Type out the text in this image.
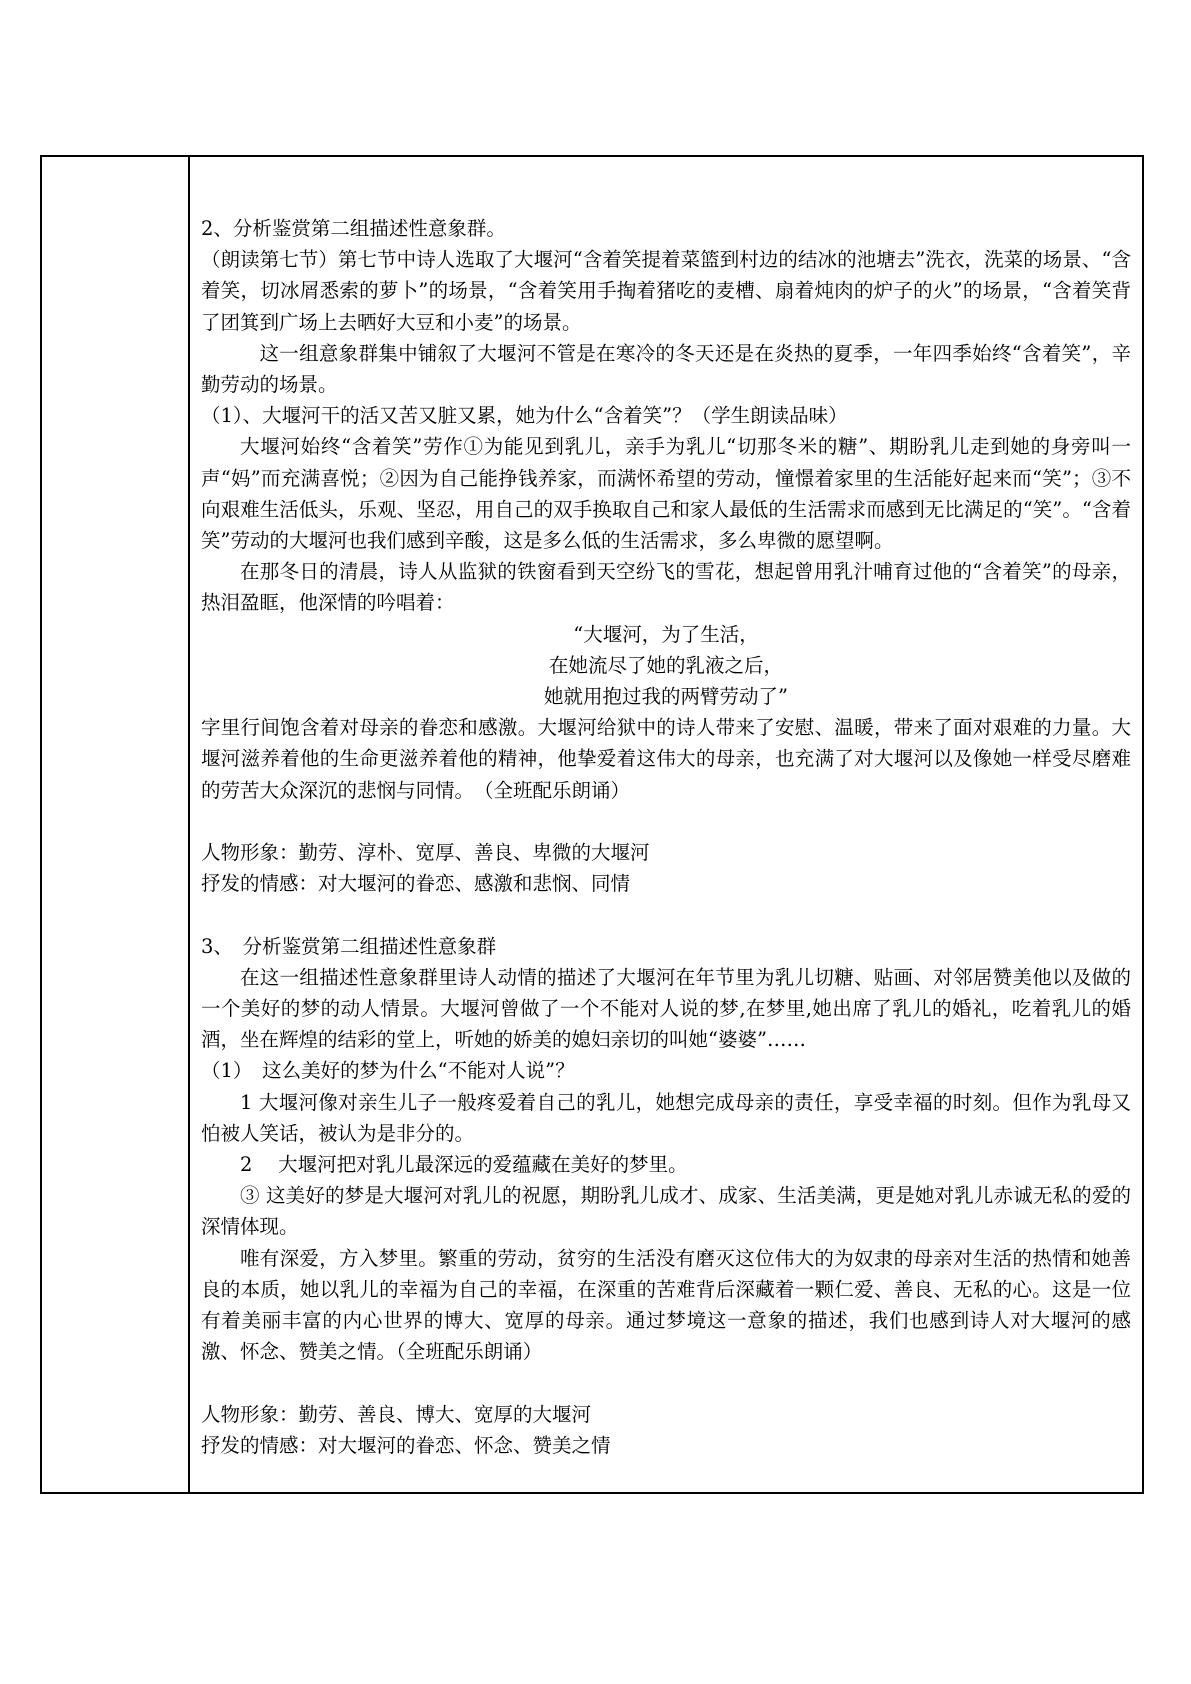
2、分析鉴赏第二组描述性意象群。

（朗读第七节）第七节中诗人选取了大堰河“含着笑提着菜篮到村边的结冰的池塘去”洗衣，洗菜的场景、“含着笑，切冰屑悉索的萝卜”的场景，“含着笑用手掏着猪吃的麦槽、扇着炖肉的炉子的火”的场景，“含着笑背了团箕到广场上去晒好大豆和小麦”的场景。

这一组意象群集中铺叙了大堰河不管是在寒冷的冬天还是在炎热的夏季，一年四季始终“含着笑”，辛勤劳动的场景。

（1）、大堰河干的活又苦又脏又累，她为什么“含着笑”？（学生朗读品味）

大堰河始终“含着笑”劳作①为能见到乳儿，亲手为乳儿“切那冬米的糖”、期盼乳儿走到她的身旁叫一声“妈”而充满喜悦；②因为自己能挣钱养家，而满怀希望的劳动，憧憬着家里的生活能好起来而“笑”；③不向艰难生活低头，乐观、坚忍，用自己的双手换取自己和家人最低的生活需求而感到无比满足的“笑”。“含着笑”劳动的大堰河也我们感到辛酸，这是多么低的生活需求，多么卑微的愿望啊。

在那冬日的清晨，诗人从监狱的铁窗看到天空纷飞的雪花，想起曾用乳汁哺育过他的“含着笑”的母亲，热泪盈眶，他深情的吟唱着：

“大堰河，为了生活，

在她流尽了她的乳液之后，

她就用抱过我的两臂劳动了”

字里行间饱含着对母亲的眷恋和感激。大堰河给狱中的诗人带来了安慰、温暖，带来了面对艰难的力量。大堰河滋养着他的生命更滋养着他的精神，他挚爱着这伟大的母亲，也充满了对大堰河以及像她一样受尽磨难的劳苦大众深沉的悲悯与同情。　（全班配乐朗诵）

人物形象：勤劳、淳朴、宽厚、善良、卑微的大堰河

抒发的情感：对大堰河的眷恋、感激和悲悯、同情

3、　分析鉴赏第二组描述性意象群

在这一组描述性意象群里诗人动情的描述了大堰河在年节里为乳儿切糖、贴画、对邻居赞美他以及做的一个美好的梦的动人情景。大堰河曾做了一个不能对人说的梦,在梦里,她出席了乳儿的婚礼，吃着乳儿的婚酒，坐在辉煌的结彩的堂上，听她的娇美的媳妇亲切的叫她“婆婆”……

（1）　这么美好的梦为什么“不能对人说”？

1 大堰河像对亲生儿子一般疼爱着自己的乳儿，她想完成母亲的责任，享受幸福的时刻。但作为乳母又怕被人笑话，被认为是非分的。

2　 大堰河把对乳儿最深远的爱蕴藏在美好的梦里。

③ 这美好的梦是大堰河对乳儿的祝愿，期盼乳儿成才、成家、生活美满，更是她对乳儿赤诚无私的爱的深情体现。

唯有深爱，方入梦里。繁重的劳动，贫穷的生活没有磨灭这位伟大的为奴隶的母亲对生活的热情和她善良的本质，她以乳儿的幸福为自己的幸福，在深重的苦难背后深藏着一颗仁爱、善良、无私的心。这是一位有着美丽丰富的内心世界的博大、宽厚的母亲。通过梦境这一意象的描述，我们也感到诗人对大堰河的感激、怀念、赞美之情。（全班配乐朗诵）

人物形象：勤劳、善良、博大、宽厚的大堰河

抒发的情感：对大堰河的眷恋、怀念、赞美之情
